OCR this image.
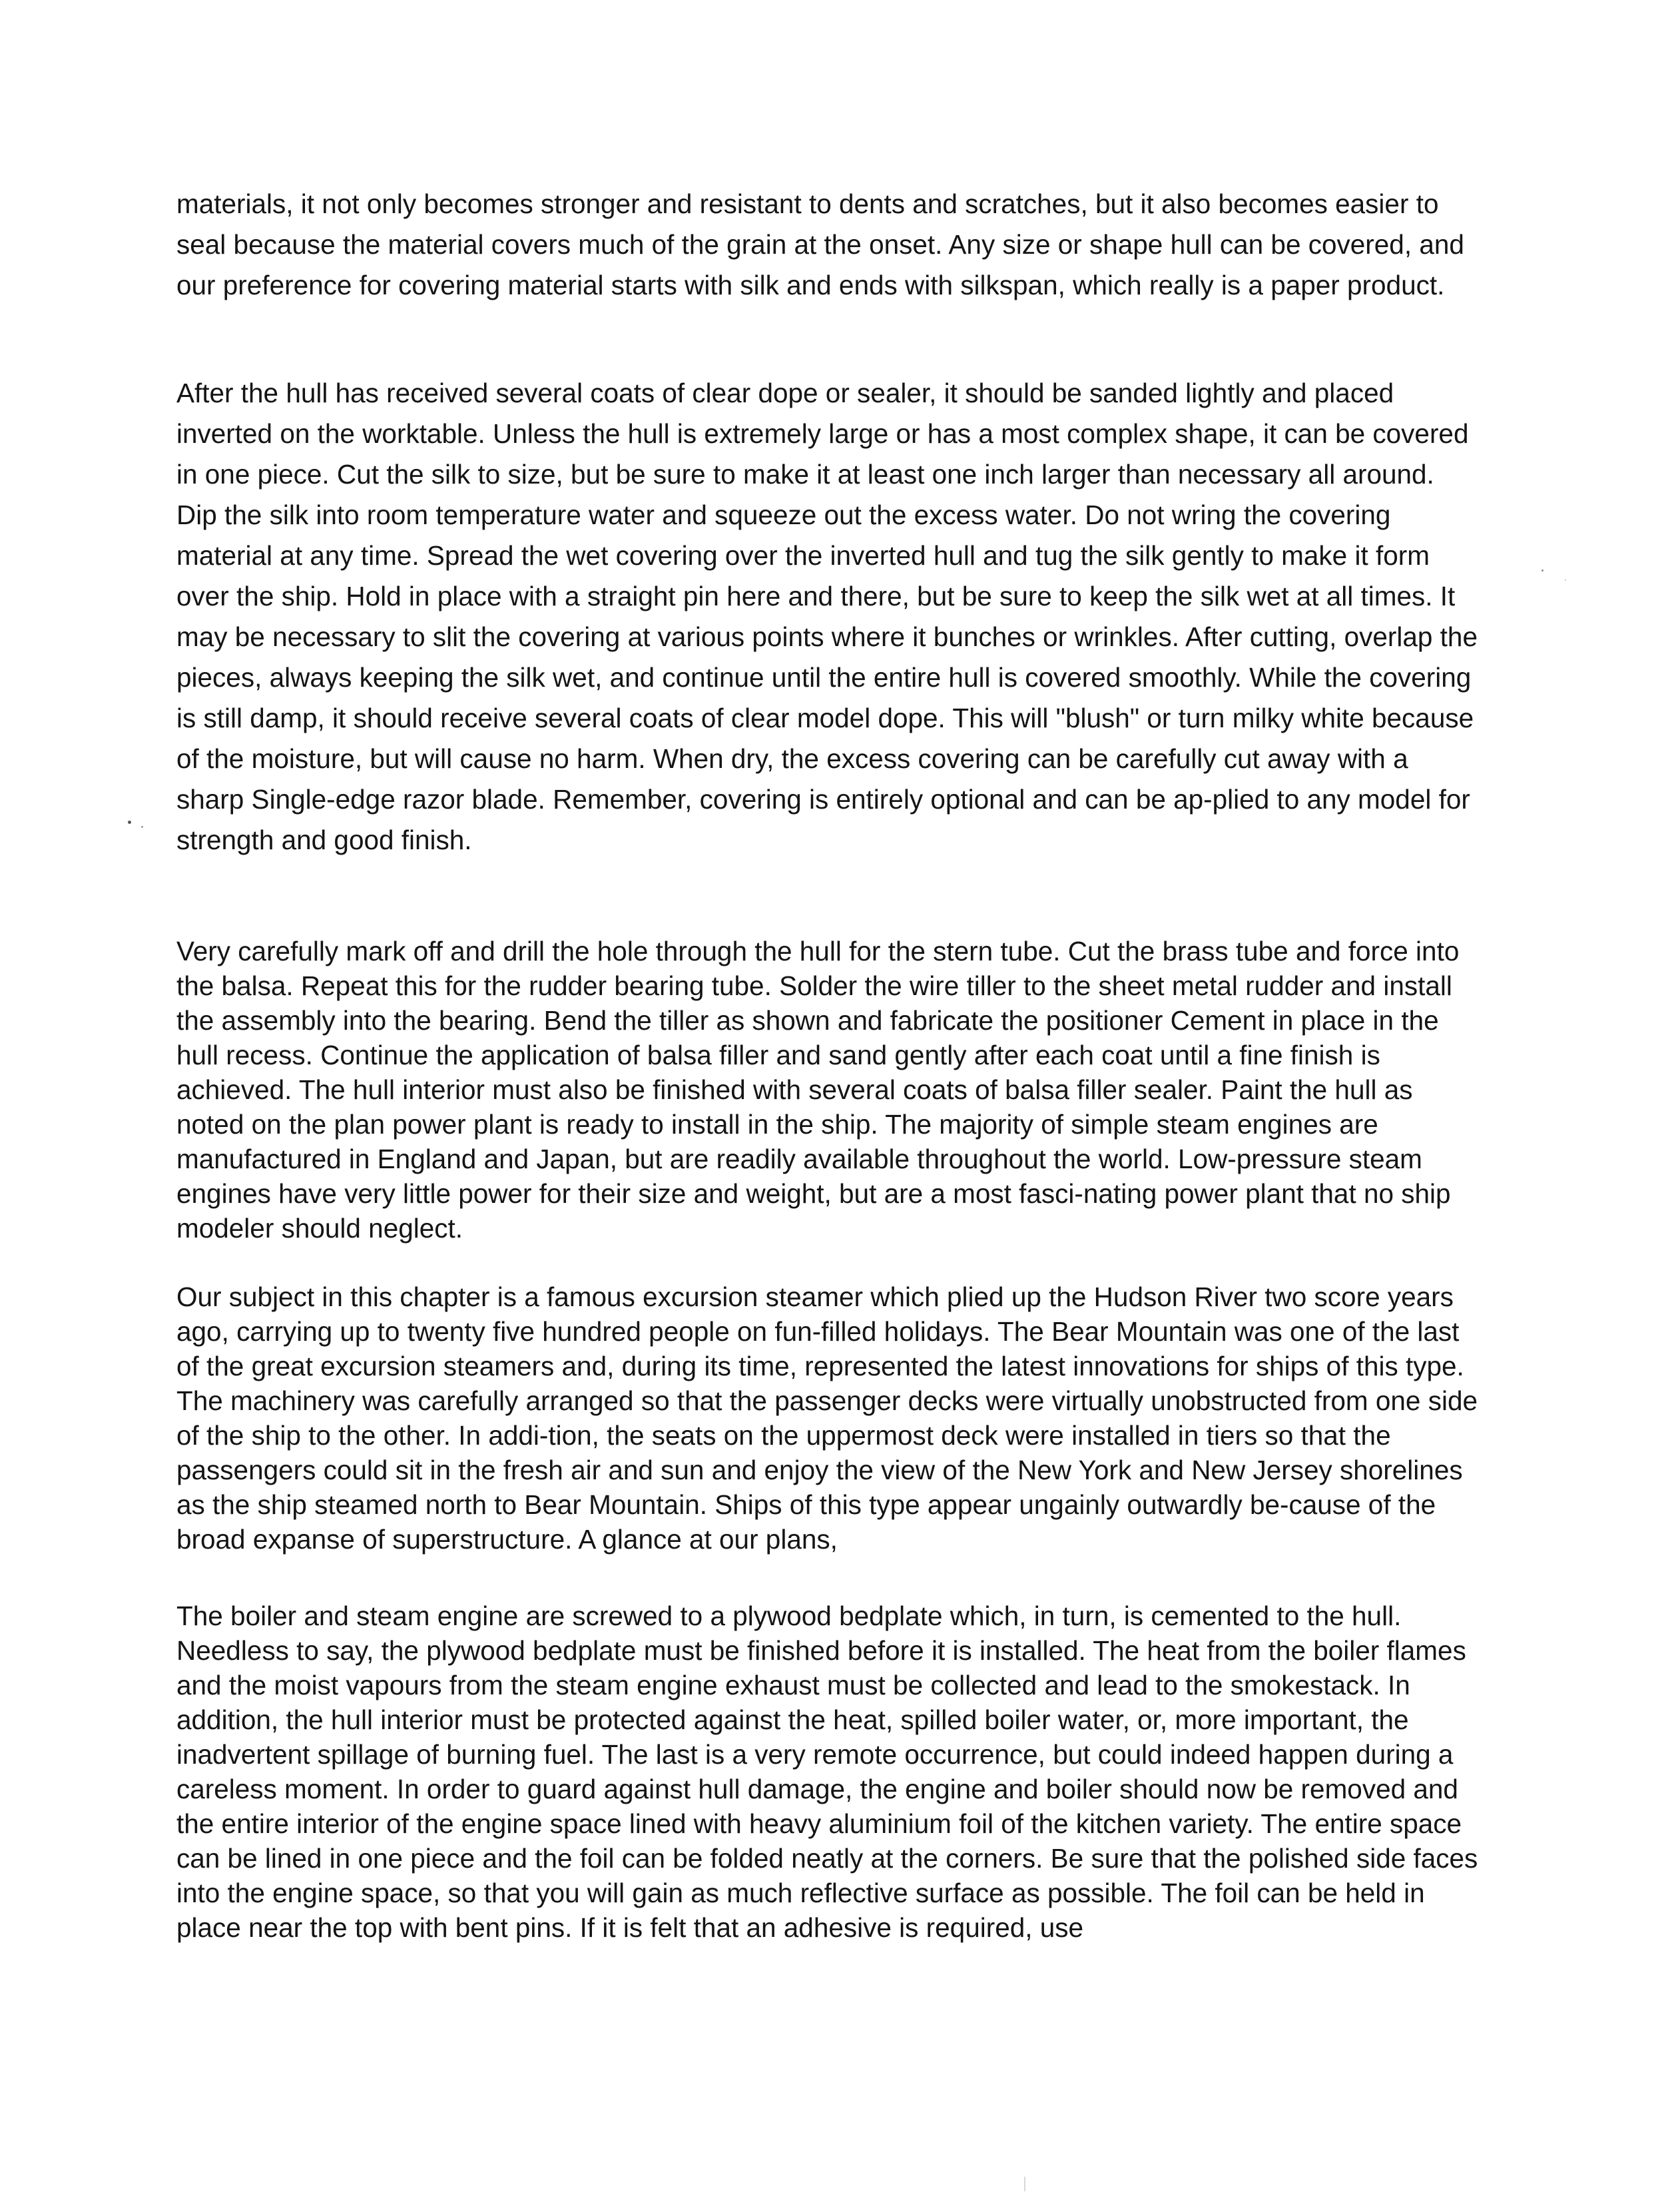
materials, it not only becomes stronger and resistant to dents and scratches, but it also becomes easier to seal because the material covers much of the grain at the onset. Any size or shape hull can be covered, and our preference for covering material starts with silk and ends with silkspan, which really is a paper product.

After the hull has received several coats of clear dope or sealer, it should be sanded lightly and placed inverted on the worktable. Unless the hull is extremely large or has a most complex shape, it can be covered in one piece. Cut the silk to size, but be sure to make it at least one inch larger than necessary all around. Dip the silk into room temperature water and squeeze out the excess water. Do not wring the covering material at any time. Spread the wet covering over the inverted hull and tug the silk gently to make it form over the ship. Hold in place with a straight pin here and there, but be sure to keep the silk wet at all times. It may be necessary to slit the covering at various points where it bunches or wrinkles. After cutting, overlap the pieces, always keeping the silk wet, and continue until the entire hull is covered smoothly. While the covering is still damp, it should receive several coats of clear model dope. This will "blush" or turn milky white because of the moisture, but will cause no harm. When dry, the excess covering can be carefully cut away with a sharp Single-edge razor blade. Remember, covering is entirely optional and can be ap-plied to any model for strength and good finish.

Very carefully mark off and drill the hole through the hull for the stern tube. Cut the brass tube and force into the balsa. Repeat this for the rudder bearing tube. Solder the wire tiller to the sheet metal rudder and install the assembly into the bearing. Bend the tiller as shown and fabricate the positioner Cement in place in the hull recess. Continue the application of balsa filler and sand gently after each coat until a fine finish is achieved. The hull interior must also be finished with several coats of balsa filler sealer. Paint the hull as noted on the plan power plant is ready to install in the ship. The majority of simple steam engines are manufactured in England and Japan, but are readily available throughout the world. Low-pressure steam engines have very little power for their size and weight, but are a most fasci-nating power plant that no ship modeler should neglect.

Our subject in this chapter is a famous excursion steamer which plied up the Hudson River two score years ago, carrying up to twenty five hundred people on fun-filled holidays. The Bear Mountain was one of the last of the great excursion steamers and, during its time, represented the latest innovations for ships of this type. The machinery was carefully arranged so that the passenger decks were virtually unobstructed from one side of the ship to the other. In addi-tion, the seats on the uppermost deck were installed in tiers so that the passengers could sit in the fresh air and sun and enjoy the view of the New York and New Jersey shorelines as the ship steamed north to Bear Mountain. Ships of this type appear ungainly outwardly be-cause of the broad expanse of superstructure. A glance at our plans,

The boiler and steam engine are screwed to a plywood bedplate which, in turn, is cemented to the hull. Needless to say, the plywood bedplate must be finished before it is installed. The heat from the boiler flames and the moist vapours from the steam engine exhaust must be collected and lead to the smokestack. In addition, the hull interior must be protected against the heat, spilled boiler water, or, more important, the inadvertent spillage of burning fuel. The last is a very remote occurrence, but could indeed happen during a careless moment. In order to guard against hull damage, the engine and boiler should now be removed and the entire interior of the engine space lined with heavy aluminium foil of the kitchen variety. The entire space can be lined in one piece and the foil can be folded neatly at the corners. Be sure that the polished side faces into the engine space, so that you will gain as much reflective surface as possible. The foil can be held in place near the top with bent pins. If it is felt that an adhesive is required, use
